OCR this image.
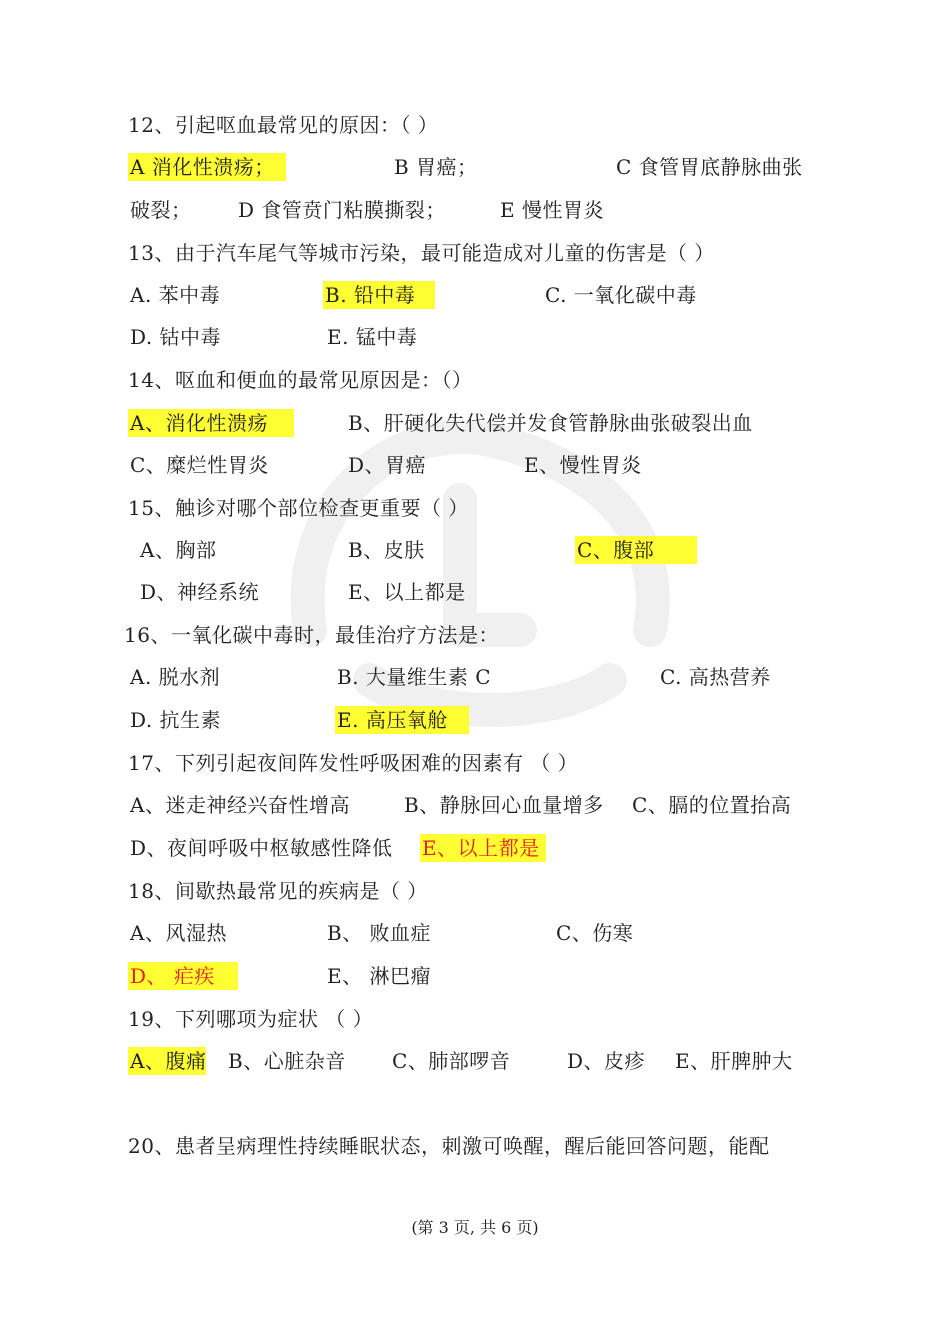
12、引起呕血最常见的原因：（ ）
A 消化性溃疡；	B 胃癌；	C 食管胃底静脉曲张
破裂； D 食管贲门粘膜撕裂；	E 慢性胃炎
13、由于汽车尾气等城市污染，最可能造成对儿童的伤害是（ ）
A. 苯中毒	B. 铅中毒	C. 一氧化碳中毒
D. 钴中毒	E. 锰中毒
14、呕血和便血的最常见原因是：（）
A、消化性溃疡	B、肝硬化失代偿并发食管静脉曲张破裂出血
C、糜烂性胃炎	D、胃癌	E、慢性胃炎
15、触诊对哪个部位检查更重要（ ）
A、胸部	B、皮肤	C、腹部
D、神经系统	E、以上都是
16、一氧化碳中毒时，最佳治疗方法是：
A. 脱水剂	B. 大量维生素 C	C. 高热营养
D. 抗生素	E. 高压氧舱
17、下列引起夜间阵发性呼吸困难的因素有 （ ）
A、迷走神经兴奋性增高	B、静脉回心血量增多 C、膈的位置抬高
D、夜间呼吸中枢敏感性降低 E、以上都是
18、间歇热最常见的疾病是（ ）
A、风湿热	B、 败血症	C、伤寒
D、 疟疾	E、 淋巴瘤
19、下列哪项为症状 （ ）
A、腹痛 B、心脏杂音 C、肺部啰音	D、皮疹 E、肝脾肿大
20、患者呈病理性持续睡眠状态，刺激可唤醒，醒后能回答问题，能配
(第 3 页, 共 6 页)
